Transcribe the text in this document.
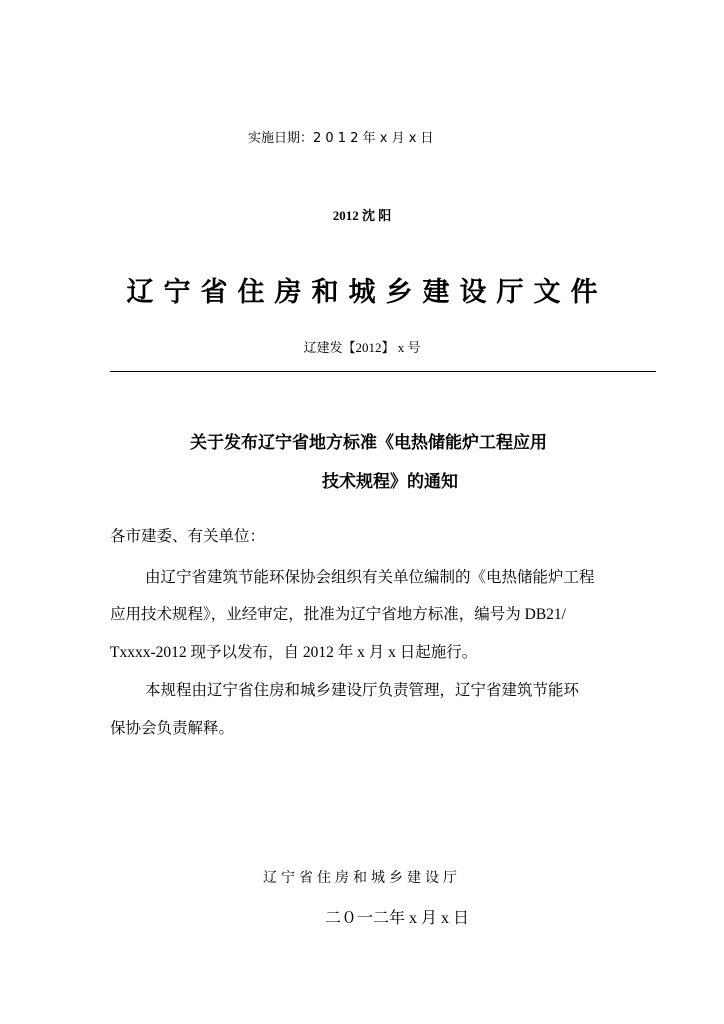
实施日期：2 0 1 2 年 x 月 x 日
2012 沈 阳
辽宁省住房和城乡建设厅文件
辽建发【2012】 x 号
关于发布辽宁省地方标准《电热储能炉工程应用
技术规程》的通知
各市建委、有关单位：
由辽宁省建筑节能环保协会组织有关单位编制的《电热储能炉工程
应用技术规程》，业经审定，批准为辽宁省地方标准，编号为 DB21/
Txxxx-2012 现予以发布，自 2012 年 x 月 x 日起施行。
本规程由辽宁省住房和城乡建设厅负责管理，辽宁省建筑节能环
保协会负责解释。
辽宁省住房和城乡建设厅
二０一二年 x 月 x 日
